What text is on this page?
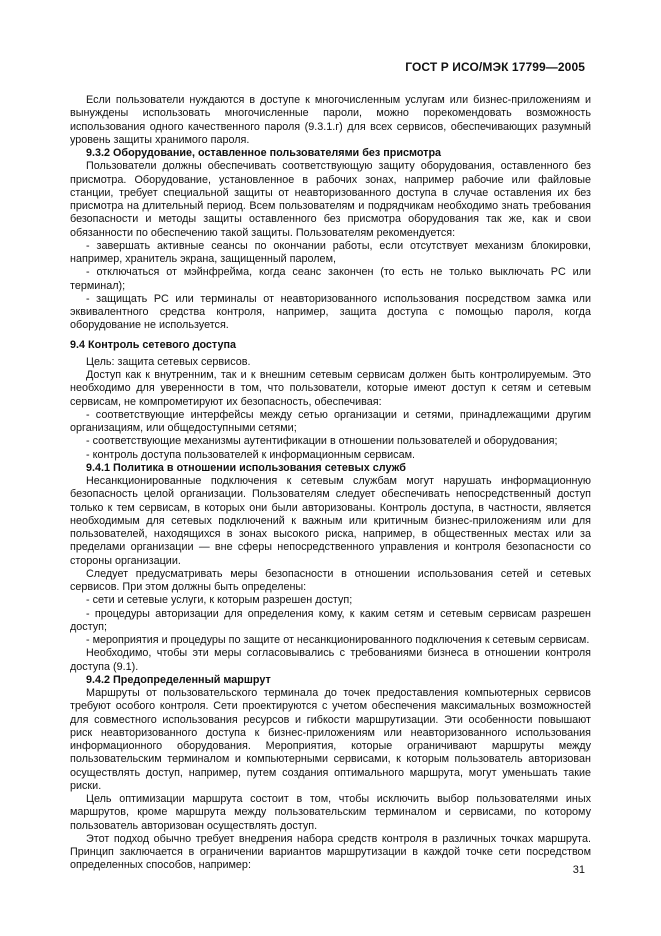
ГОСТ Р ИСО/МЭК 17799—2005
Если пользователи нуждаются в доступе к многочисленным услугам или бизнес-приложениям и вынуждены использовать многочисленные пароли, можно порекомендовать возможность использования одного качественного пароля (9.3.1.г) для всех сервисов, обеспечивающих разумный уровень защиты хранимого пароля.
9.3.2 Оборудование, оставленное пользователями без присмотра
Пользователи должны обеспечивать соответствующую защиту оборудования, оставленного без присмотра. Оборудование, установленное в рабочих зонах, например рабочие или файловые станции, требует специальной защиты от неавторизованного доступа в случае оставления их без присмотра на длительный период. Всем пользователям и подрядчикам необходимо знать требования безопасности и методы защиты оставленного без присмотра оборудования так же, как и свои обязанности по обеспечению такой защиты. Пользователям рекомендуется:
- завершать активные сеансы по окончании работы, если отсутствует механизм блокировки, например, хранитель экрана, защищенный паролем,
- отключаться от мэйнфрейма, когда сеанс закончен (то есть не только выключать PC или терминал);
- защищать PC или терминалы от неавторизованного использования посредством замка или эквивалентного средства контроля, например, защита доступа с помощью пароля, когда оборудование не используется.
9.4 Контроль сетевого доступа
Цель: защита сетевых сервисов.
Доступ как к внутренним, так и к внешним сетевым сервисам должен быть контролируемым. Это необходимо для уверенности в том, что пользователи, которые имеют доступ к сетям и сетевым сервисам, не компрометируют их безопасность, обеспечивая:
- соответствующие интерфейсы между сетью организации и сетями, принадлежащими другим организациям, или общедоступными сетями;
- соответствующие механизмы аутентификации в отношении пользователей и оборудования;
- контроль доступа пользователей к информационным сервисам.
9.4.1 Политика в отношении использования сетевых служб
Несанкционированные подключения к сетевым службам могут нарушать информационную безопасность целой организации. Пользователям следует обеспечивать непосредственный доступ только к тем сервисам, в которых они были авторизованы. Контроль доступа, в частности, является необходимым для сетевых подключений к важным или критичным бизнес-приложениям или для пользователей, находящихся в зонах высокого риска, например, в общественных местах или за пределами организации — вне сферы непосредственного управления и контроля безопасности со стороны организации.
Следует предусматривать меры безопасности в отношении использования сетей и сетевых сервисов. При этом должны быть определены:
- сети и сетевые услуги, к которым разрешен доступ;
- процедуры авторизации для определения кому, к каким сетям и сетевым сервисам разрешен доступ;
- мероприятия и процедуры по защите от несанкционированного подключения к сетевым сервисам.
Необходимо, чтобы эти меры согласовывались с требованиями бизнеса в отношении контроля доступа (9.1).
9.4.2 Предопределенный маршрут
Маршруты от пользовательского терминала до точек предоставления компьютерных сервисов требуют особого контроля. Сети проектируются с учетом обеспечения максимальных возможностей для совместного использования ресурсов и гибкости маршрутизации. Эти особенности повышают риск неавторизованного доступа к бизнес-приложениям или неавторизованного использования информационного оборудования. Мероприятия, которые ограничивают маршруты между пользовательским терминалом и компьютерными сервисами, к которым пользователь авторизован осуществлять доступ, например, путем создания оптимального маршрута, могут уменьшать такие риски.
Цель оптимизации маршрута состоит в том, чтобы исключить выбор пользователями иных маршрутов, кроме маршрута между пользовательским терминалом и сервисами, по которому пользователь авторизован осуществлять доступ.
Этот подход обычно требует внедрения набора средств контроля в различных точках маршрута. Принцип заключается в ограничении вариантов маршрутизации в каждой точке сети посредством определенных способов, например:	31
